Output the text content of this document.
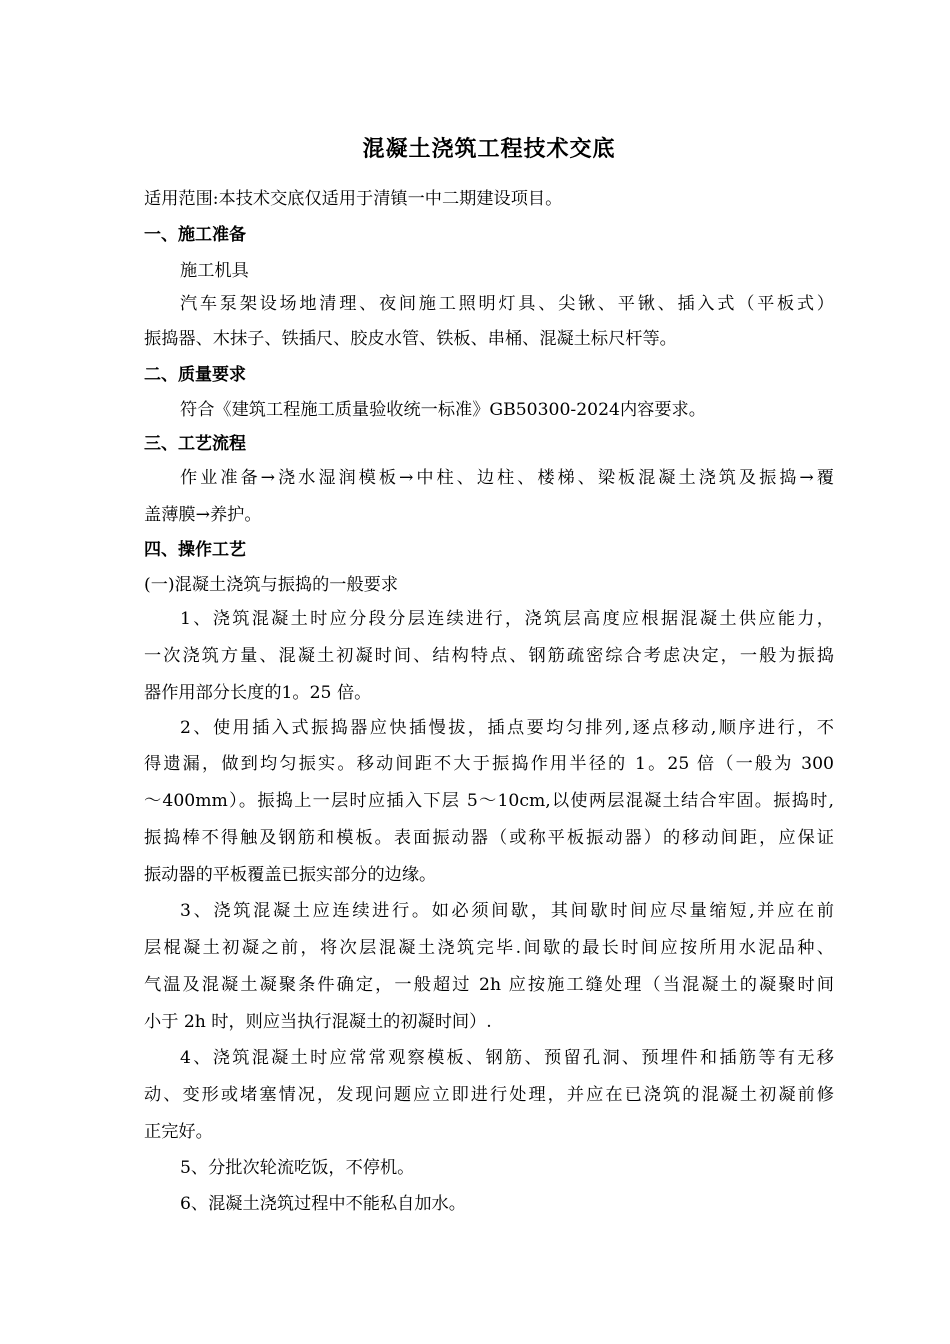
混凝土浇筑工程技术交底
适用范围:本技术交底仅适用于清镇一中二期建设项目。
一、施工准备
施工机具
汽车泵架设场地清理、夜间施工照明灯具、尖锹、平锹、插入式（平板式）
振捣器、木抹子、铁插尺、胶皮水管、铁板、串桶、混凝土标尺杆等。
二、质量要求
符合《建筑工程施工质量验收统一标准》GB50300-2024内容要求。
三、工艺流程
作业准备→浇水湿润模板→中柱、边柱、楼梯、梁板混凝土浇筑及振捣→覆
盖薄膜→养护。
四、操作工艺
(一)混凝土浇筑与振捣的一般要求
1、浇筑混凝土时应分段分层连续进行，浇筑层高度应根据混凝土供应能力，
一次浇筑方量、混凝土初凝时间、结构特点、钢筋疏密综合考虑决定，一般为振捣
器作用部分长度的1。25 倍。
2、使用插入式振捣器应快插慢拔，插点要均匀排列,逐点移动,顺序进行，不
得遗漏，做到均匀振实。移动间距不大于振捣作用半径的 1。25 倍（一般为 300
～400mm）。振捣上一层时应插入下层 5～10cm,以使两层混凝土结合牢固。振捣时,
振捣棒不得触及钢筋和模板。表面振动器（或称平板振动器）的移动间距，应保证
振动器的平板覆盖已振实部分的边缘。
3、浇筑混凝土应连续进行。如必须间歇，其间歇时间应尽量缩短,并应在前
层棍凝土初凝之前，将次层混凝土浇筑完毕.间歇的最长时间应按所用水泥品种、
气温及混凝土凝聚条件确定，一般超过 2h 应按施工缝处理（当混凝土的凝聚时间
小于 2h 时，则应当执行混凝土的初凝时间）.
4、浇筑混凝土时应常常观察模板、钢筋、预留孔洞、预埋件和插筋等有无移
动、变形或堵塞情况，发现问题应立即进行处理，并应在已浇筑的混凝土初凝前修
正完好。
5、分批次轮流吃饭，不停机。
6、混凝土浇筑过程中不能私自加水。
